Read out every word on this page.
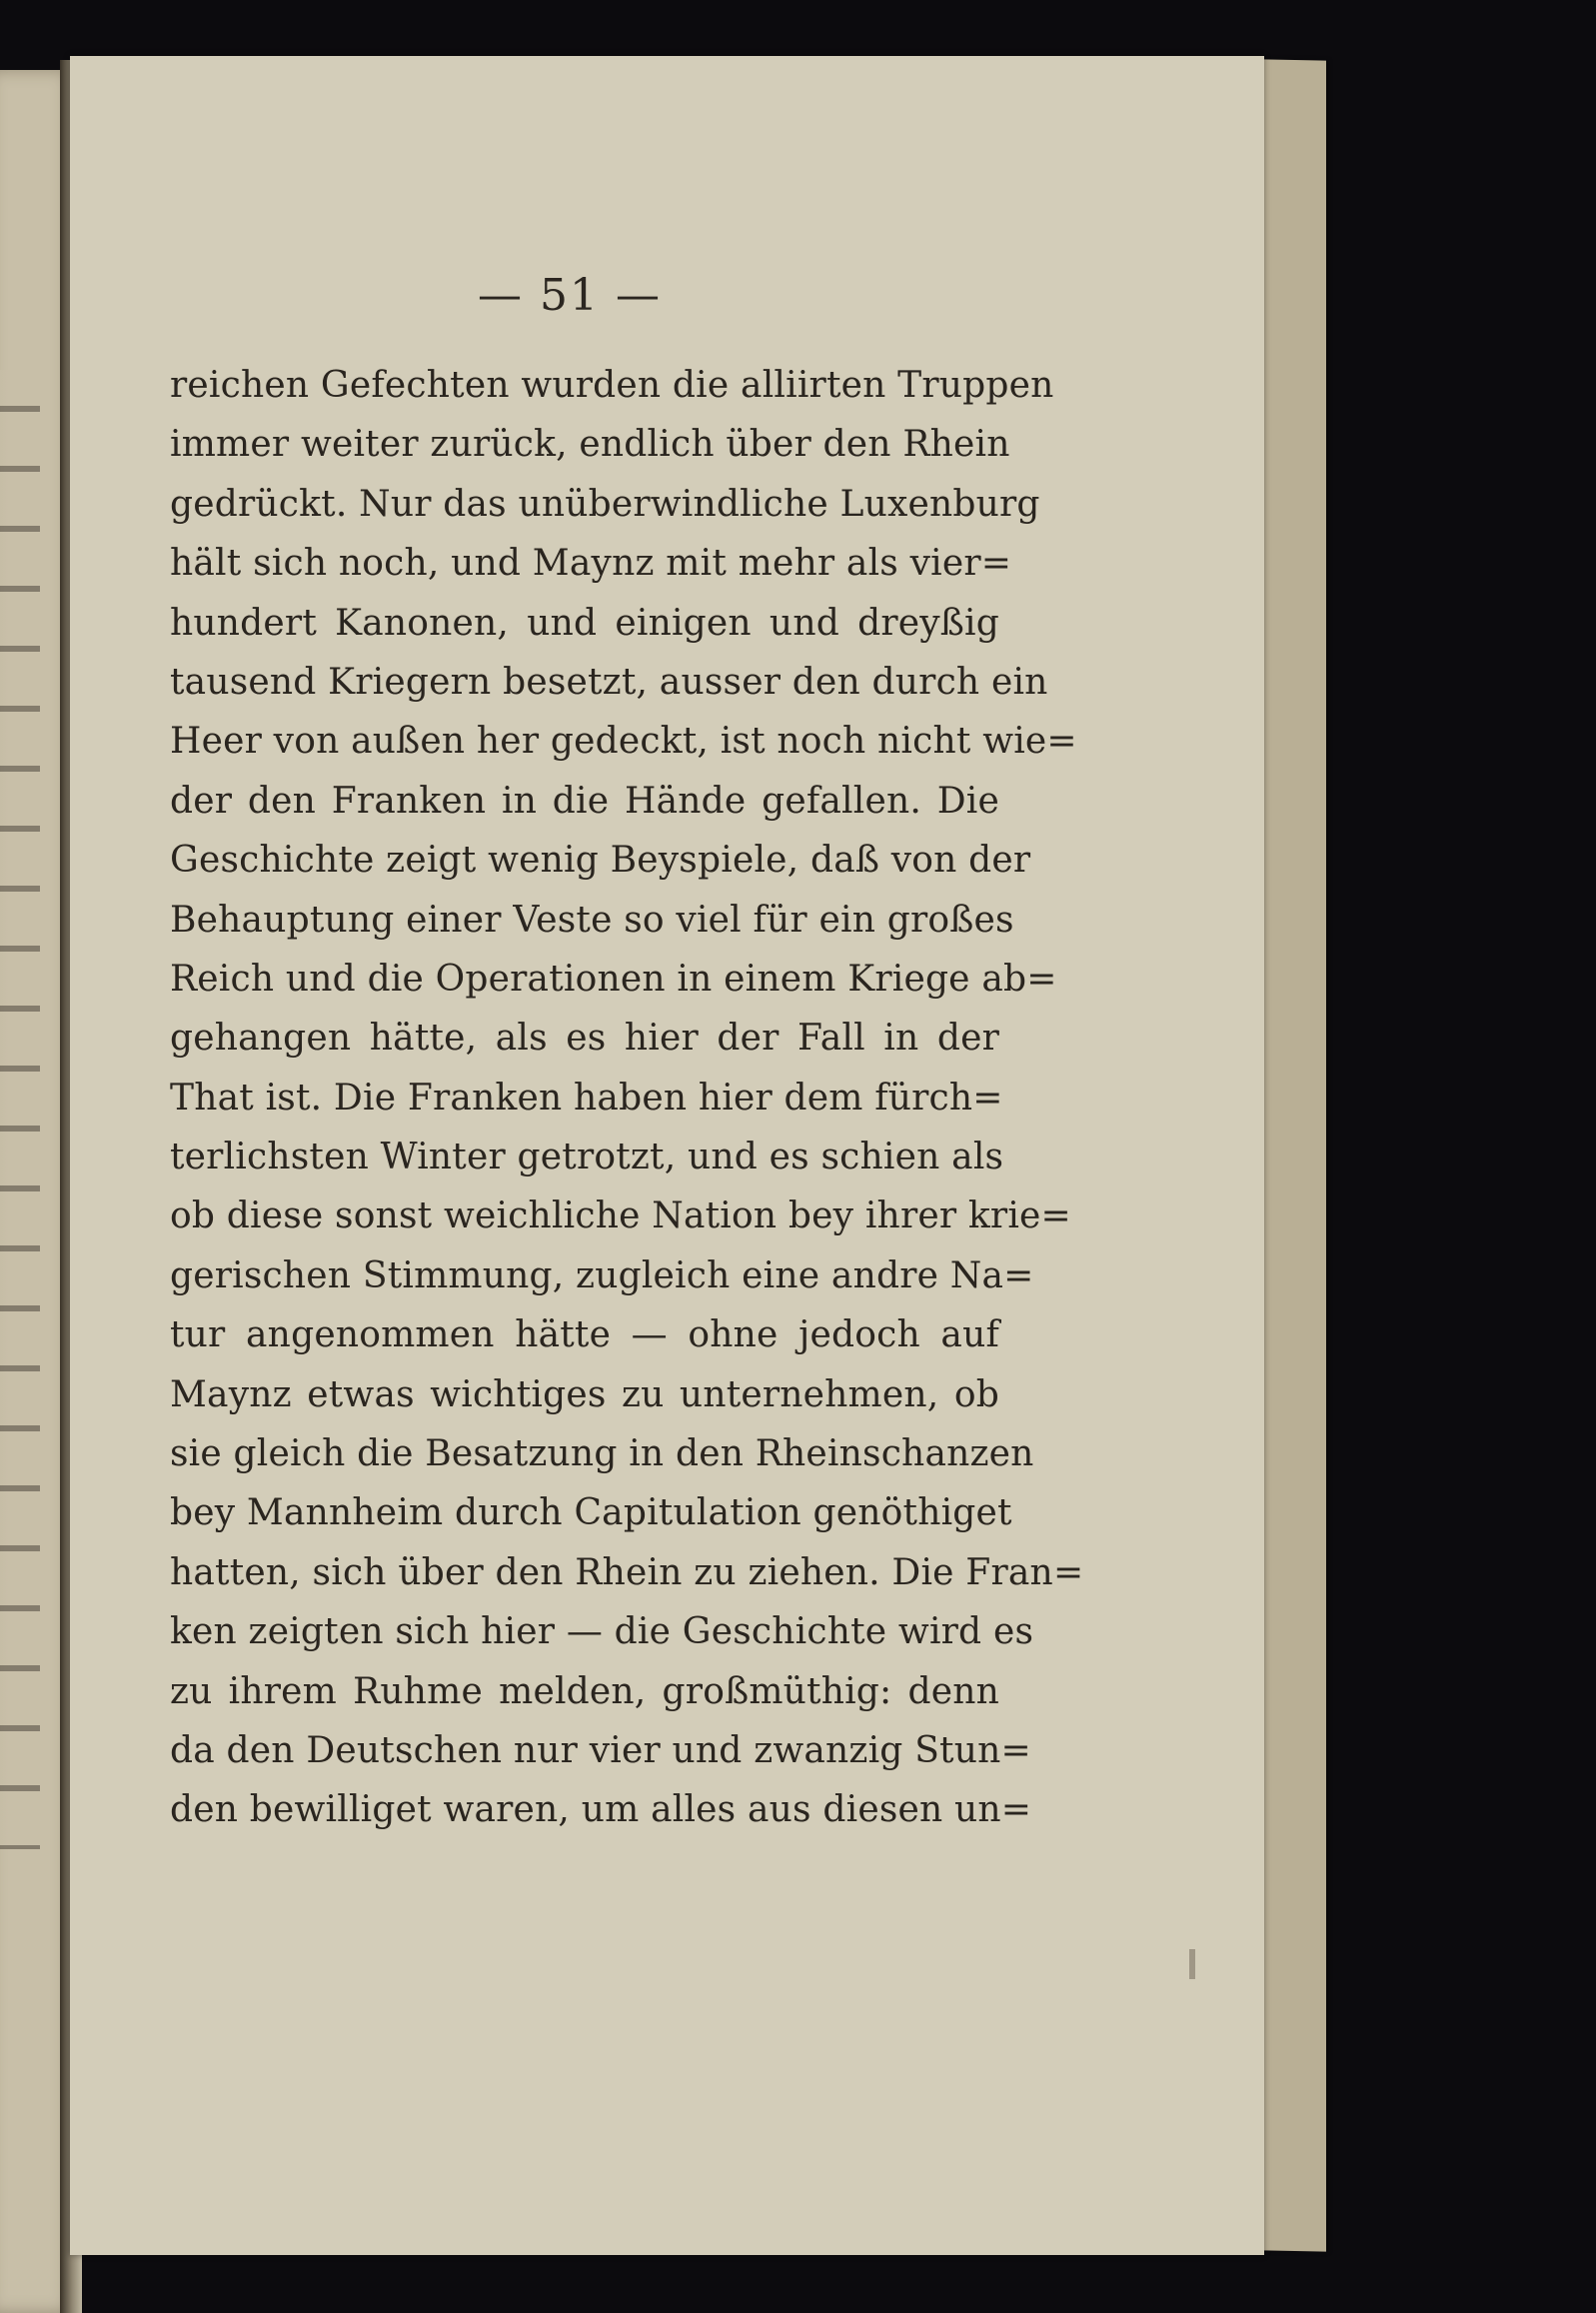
— 51 —
reichen Gefechten wurden die alliirten Truppen
immer weiter zurück, endlich über den Rhein
gedrückt. Nur das unüberwindliche Luxenburg
hält sich noch, und Maynz mit mehr als vier=
hundert Kanonen, und einigen und dreyßig
tausend Kriegern besetzt, ausser den durch ein
Heer von außen her gedeckt, ist noch nicht wie=
der den Franken in die Hände gefallen. Die
Geschichte zeigt wenig Beyspiele, daß von der
Behauptung einer Veste so viel für ein großes
Reich und die Operationen in einem Kriege ab=
gehangen hätte, als es hier der Fall in der
That ist. Die Franken haben hier dem fürch=
terlichsten Winter getrotzt, und es schien als
ob diese sonst weichliche Nation bey ihrer krie=
gerischen Stimmung, zugleich eine andre Na=
tur angenommen hätte — ohne jedoch auf
Maynz etwas wichtiges zu unternehmen, ob
sie gleich die Besatzung in den Rheinschanzen
bey Mannheim durch Capitulation genöthiget
hatten, sich über den Rhein zu ziehen. Die Fran=
ken zeigten sich hier — die Geschichte wird es
zu ihrem Ruhme melden, großmüthig: denn
da den Deutschen nur vier und zwanzig Stun=
den bewilliget waren, um alles aus diesen un=
